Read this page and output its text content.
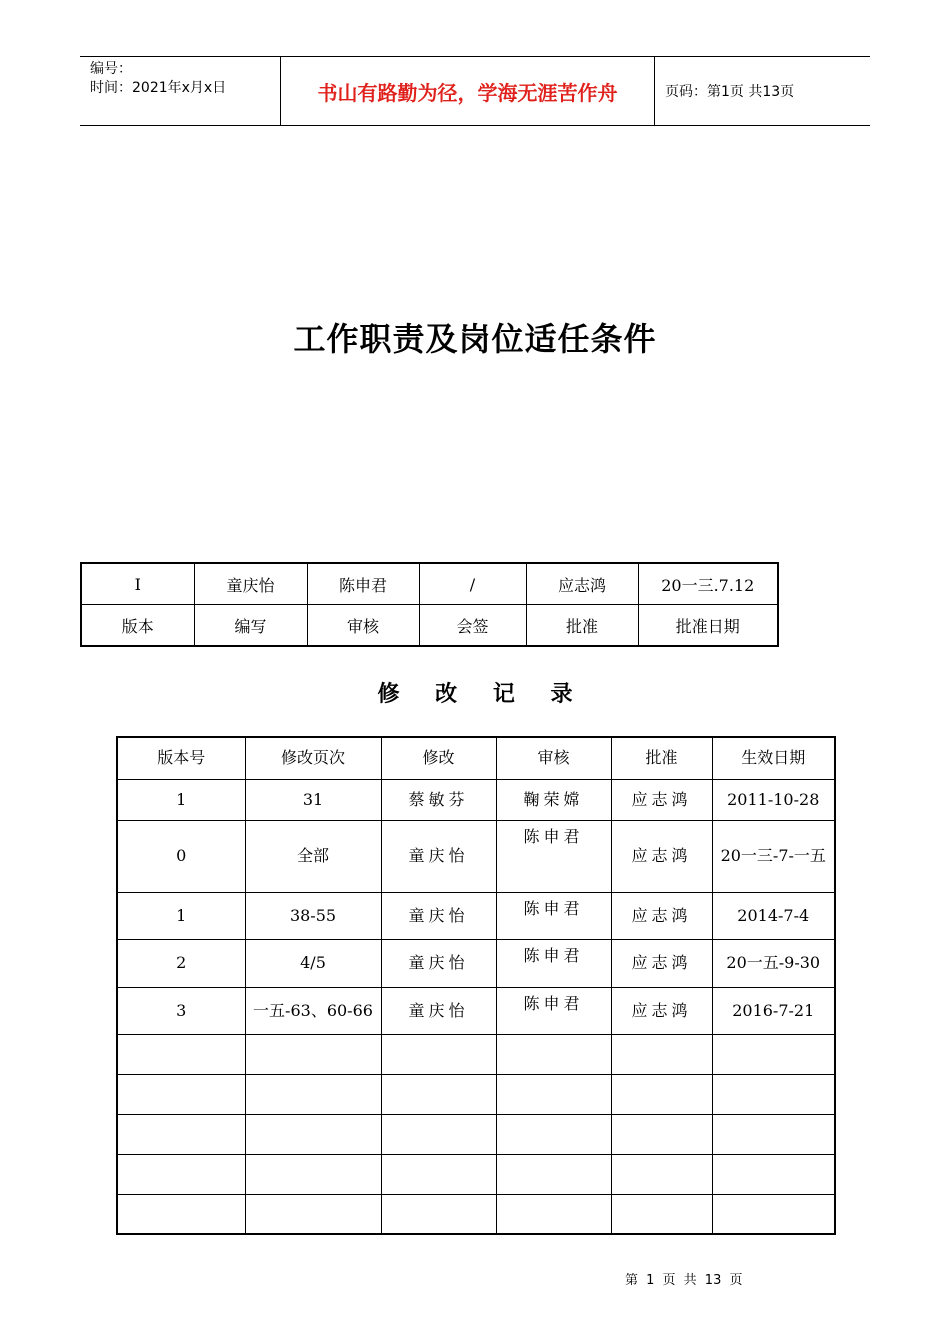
编号：
时间：2021年x月x日	书山有路勤为径，学海无涯苦作舟	页码：第1页 共13页
工作职责及岗位适任条件
I	童庆怡	陈申君	/	应志鸿	20一三.7.12
版本	编写	审核	会签	批准	批准日期
修 改 记 录
版本号	修改页次	修改	审核	批准	生效日期
1	31	蔡敏芬	鞠荣嫦	应志鸿	2011-10-28
0	全部	童庆怡	陈申君	应志鸿	20一三-7-一五
1	38-55	童庆怡	陈申君	应志鸿	2014-7-4
2	4/5	童庆怡	陈申君	应志鸿	20一五-9-30
3	一五-63、60-66	童庆怡	陈申君	应志鸿	2016-7-21

第 1 页 共 13 页
